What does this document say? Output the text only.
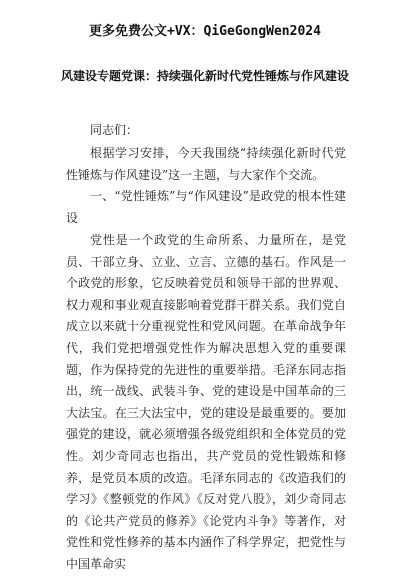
更多免费公文+VX：QiGeGongWen2024
风建设专题党课：持续强化新时代党性锤炼与作风建设
同志们：

根据学习安排，今天我围绕“持续强化新时代党性锤炼与作风建设”这一主题，与大家作个交流。

一、“党性锤炼”与“作风建设”是政党的根本性建设

党性是一个政党的生命所系、力量所在，是党员、干部立身、立业、立言、立德的基石。作风是一个政党的形象，它反映着党员和领导干部的世界观、权力观和事业观直接影响着党群干群关系。我们党自成立以来就十分重视党性和党风问题。在革命战争年代，我们党把增强党性作为解决思想入党的重要课题，作为保持党的先进性的重要举措。毛泽东同志指出，统一战线、武装斗争、党的建设是中国革命的三大法宝。在三大法宝中，党的建设是最重要的。要加强党的建设，就必须增强各级党组织和全体党员的党性。刘少奇同志也指出，共产党员的党性锻炼和修养，是党员本质的改造。毛泽东同志的《改造我们的学习》《整顿党的作风》《反对党八股》，刘少奇同志的《论共产党员的修养》《论党内斗争》等著作，对党性和党性修养的基本内涵作了科学界定，把党性与中国革命实
